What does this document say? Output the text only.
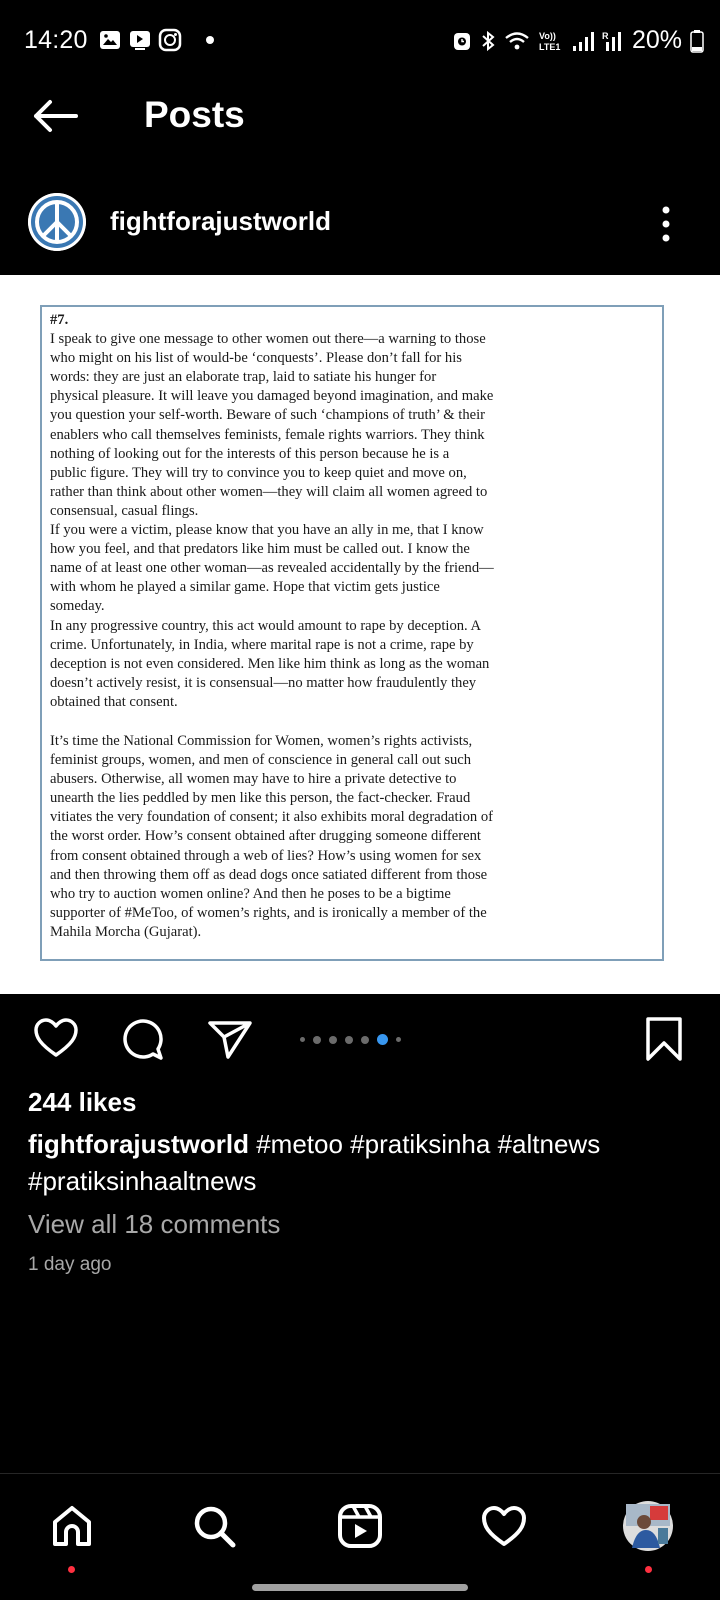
14:20	Vo))
LTE1
R 20%
Posts
fightforajustworld

#7.

I speak to give one message to other women out there—a warning to those
who might on his list of would-be ‘conquests’. Please don’t fall for his
words: they are just an elaborate trap, laid to satiate his hunger for
physical pleasure. It will leave you damaged beyond imagination, and make
you question your self-worth. Beware of such ‘champions of truth’ & their
enablers who call themselves feminists, female rights warriors. They think
nothing of looking out for the interests of this person because he is a
public figure. They will try to convince you to keep quiet and move on,
rather than think about other women—they will claim all women agreed to
consensual, casual flings.

If you were a victim, please know that you have an ally in me, that I know
how you feel, and that predators like him must be called out. I know the
name of at least one other woman—as revealed accidentally by the friend—
with whom he played a similar game. Hope that victim gets justice
someday.

In any progressive country, this act would amount to rape by deception. A
crime. Unfortunately, in India, where marital rape is not a crime, rape by
deception is not even considered. Men like him think as long as the woman
doesn’t actively resist, it is consensual—no matter how fraudulently they
obtained that consent.

It’s time the National Commission for Women, women’s rights activists,
feminist groups, women, and men of conscience in general call out such
abusers. Otherwise, all women may have to hire a private detective to
unearth the lies peddled by men like this person, the fact-checker. Fraud
vitiates the very foundation of consent; it also exhibits moral degradation of
the worst order. How’s consent obtained after drugging someone different
from consent obtained through a web of lies? How’s using women for sex
and then throwing them off as dead dogs once satiated different from those
who try to auction women online? And then he poses to be a bigtime
supporter of #MeToo, of women’s rights, and is ironically a member of the
Mahila Morcha (Gujarat).

244 likes

fightforajustworld #metoo #pratiksinha #altnews #pratiksinhaaltnews

View all 18 comments
1 day ago
